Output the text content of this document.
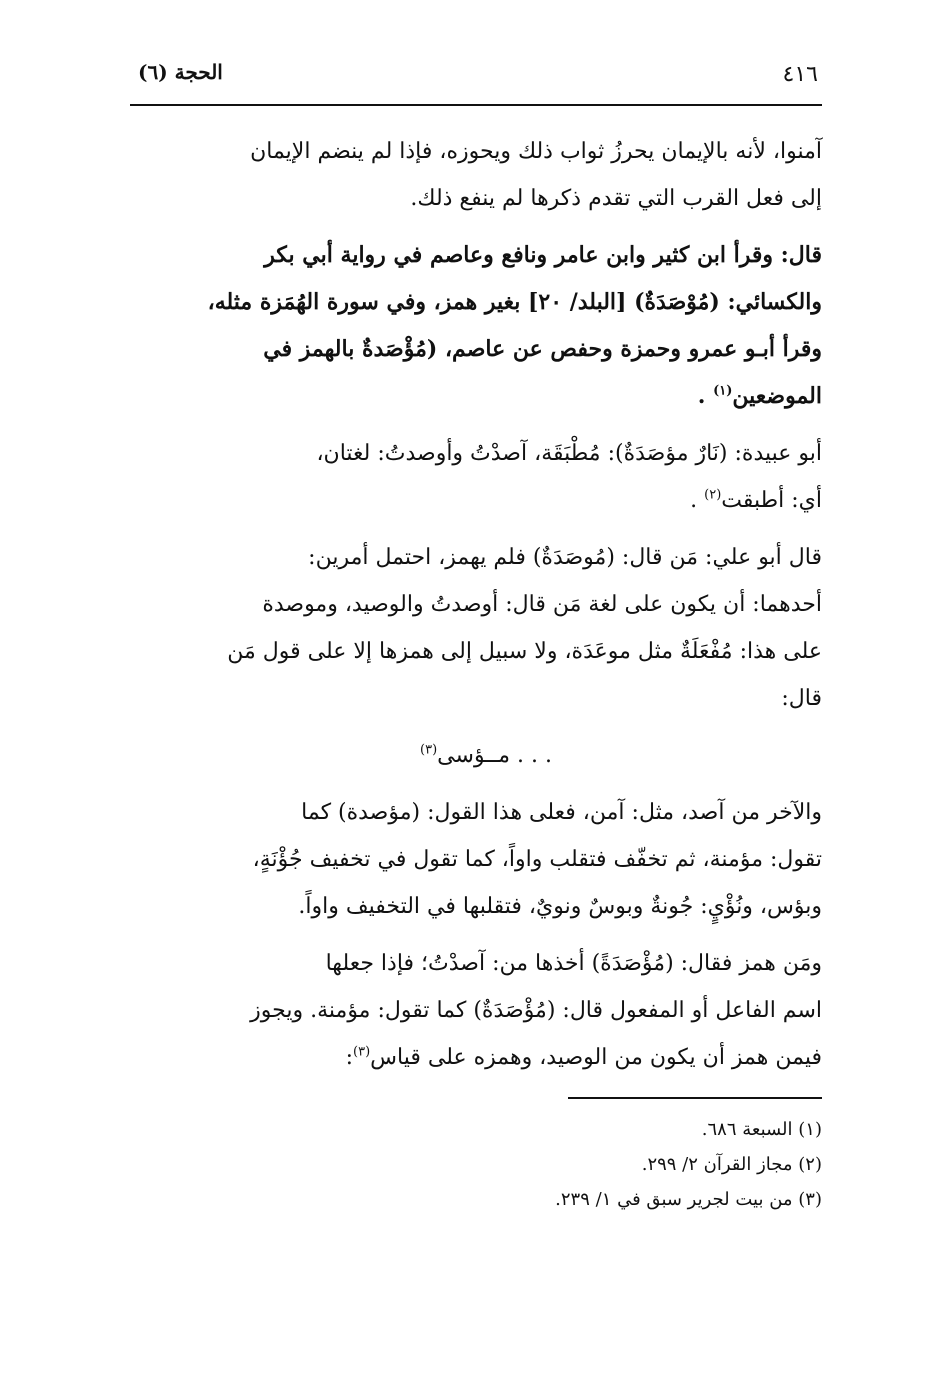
٤١٦
الحجة (٦)

آمنوا، لأنه بالإيمان يحرزُ ثواب ذلك ويحوزه، فإذا لم ينضم الإيمان
إلى فعل القرب التي تقدم ذكرها لم ينفع ذلك.

قال: وقرأ ابن كثير وابن عامر ونافع وعاصم في رواية أبي بكر
والكسائي: (مُوْصَدَةٌ) [البلد/ ٢٠] بغير همز، وفي سورة الهُمَزة مثله،
وقرأ أبـو عمرو وحمزة وحفص عن عاصم، (مُؤْصَدةٌ بالهمز في
الموضعين$^{(١)}$ .

أبو عبيدة: (نَارٌ مؤصَدَةٌ): مُطْبَقَة، آصدْتُ وأوصدتُ: لغتان،
أي: أطبقت$^{(٢)}$ .

قال أبو علي: مَن قال: (مُوصَدَةٌ) فلم يهمز، احتمل أمرين:
أحدهما: أن يكون على لغة مَن قال: أوصدتُ والوصيد، وموصدة
على هذا: مُفْعَلَةٌ مثل موعَدَة، ولا سبيل إلى همزها إلا على قول مَن
قال:

. . . مــؤسى$^{(٣)}$

والآخر من آصد، مثل: آمن، فعلى هذا القول: (مؤصدة) كما
تقول: مؤمنة، ثم تخفّف فتقلب واواً، كما تقول في تخفيف جُؤْنَةٍ،
وبؤس، ونُؤْيٍ: جُونةٌ وبوسٌ ونويٌ، فتقلبها في التخفيف واواً.

ومَن همز فقال: (مُؤْصَدَةً) أخذها من: آصدْتُ؛ فإذا جعلها
اسم الفاعل أو المفعول قال: (مُؤْصَدَةٌ) كما تقول: مؤمنة. ويجوز
فيمن همز أن يكون من الوصيد، وهمزه على قياس$^{(٣)}$:

(١) السبعة ٦٨٦.
(٢) مجاز القرآن ٢/ ٢٩٩.
(٣) من بيت لجرير سبق في ١/ ٢٣٩.
